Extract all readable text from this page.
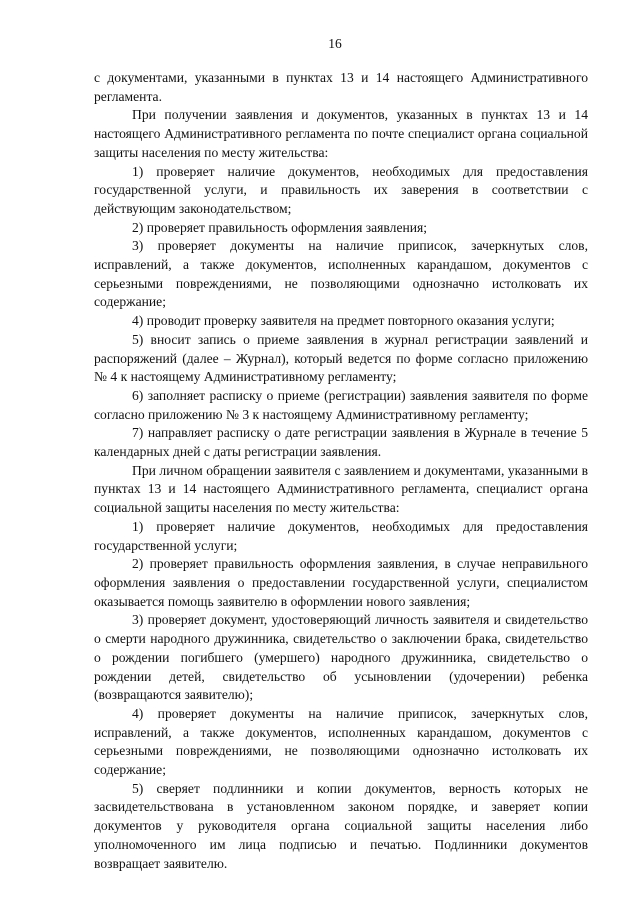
16

с документами, указанными в пунктах 13 и 14 настоящего Административного регламента.

При получении заявления и документов, указанных в пунктах 13 и 14 настоящего Административного регламента по почте специалист органа социальной защиты населения по месту жительства:

1) проверяет наличие документов, необходимых для предоставления государственной услуги, и правильность их заверения в соответствии с действующим законодательством;

2) проверяет правильность оформления заявления;

3) проверяет документы на наличие приписок, зачеркнутых слов, исправлений, а также документов, исполненных карандашом, документов с серьезными повреждениями, не позволяющими однозначно истолковать их содержание;

4) проводит проверку заявителя на предмет повторного оказания услуги;

5) вносит запись о приеме заявления в журнал регистрации заявлений и распоряжений (далее – Журнал), который ведется по форме согласно приложению № 4 к настоящему Административному регламенту;

6) заполняет расписку о приеме (регистрации) заявления заявителя по форме согласно приложению № 3 к настоящему Административному регламенту;

7) направляет расписку о дате регистрации заявления в Журнале в течение 5 календарных дней с даты регистрации заявления.

При личном обращении заявителя с заявлением и документами, указанными в пунктах 13 и 14 настоящего Административного регламента, специалист органа социальной защиты населения по месту жительства:

1) проверяет наличие документов, необходимых для предоставления государственной услуги;

2) проверяет правильность оформления заявления, в случае неправильного оформления заявления о предоставлении государственной услуги, специалистом оказывается помощь заявителю в оформлении нового заявления;

3) проверяет документ, удостоверяющий личность заявителя и свидетельство о смерти народного дружинника, свидетельство о заключении брака, свидетельство о рождении погибшего (умершего) народного дружинника, свидетельство о рождении детей, свидетельство об усыновлении (удочерении) ребенка (возвращаются заявителю);

4) проверяет документы на наличие приписок, зачеркнутых слов, исправлений, а также документов, исполненных карандашом, документов с серьезными повреждениями, не позволяющими однозначно истолковать их содержание;

5) сверяет подлинники и копии документов, верность которых не засвидетельствована в установленном законом порядке, и заверяет копии документов у руководителя органа социальной защиты населения либо уполномоченного им лица подписью и печатью. Подлинники документов возвращает заявителю.
